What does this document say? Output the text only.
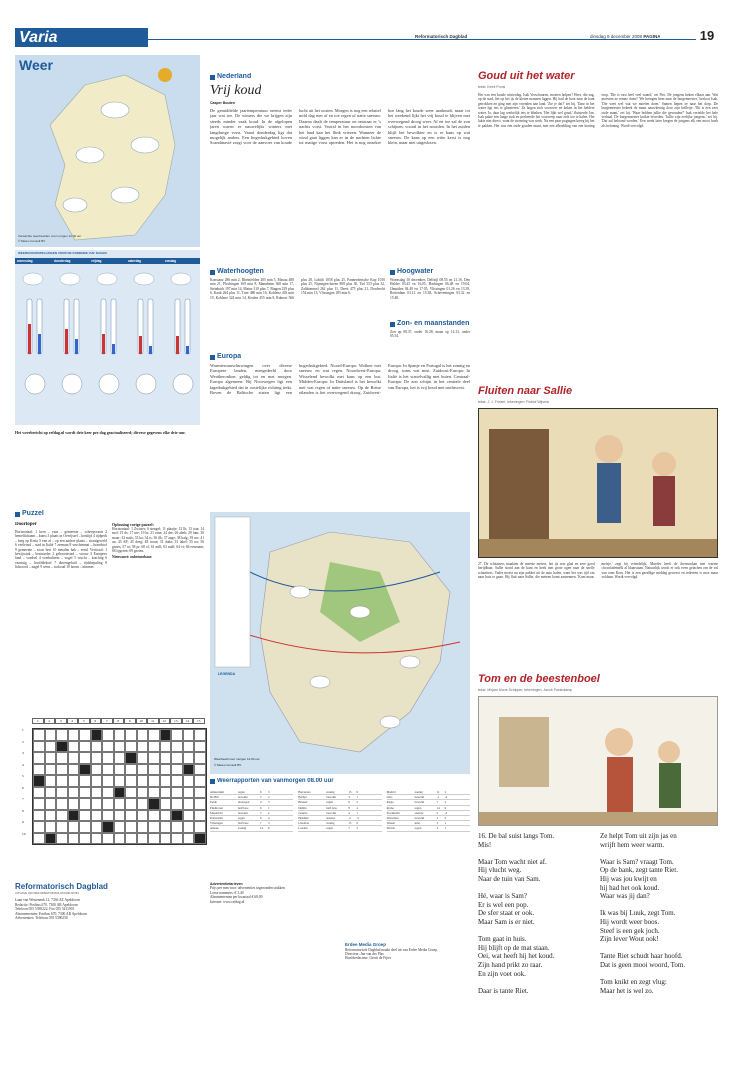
Varia	Reformatorisch Dagblad	dinsdag 9 december 2008 PAGINA	19
Weer
Verwachte weerbeelden voor morgen 12.00 uur
© Meteo Consult BV
WEERSVOORSPELLINGEN VOOR DE KOMENDE VIJF DAGEN
woensdag	donderdag	vrijdag	zaterdag	zondag
Het weerbericht op refdag.nl wordt drie keer per dag geactualiseerd; diverse gegevens elke drie uur.
Nederland
Vrij koud
Casper Bouten
De gemiddelde jaartemperatuur neemt ieder jaar wat toe. De winters die we krijgen zijn steeds minder vaak koud. In de afgelopen jaren waren er nauwelijks winters met langdurige vorst. Vanaf donderdag ligt dat mogelijk anders. Een hogedrukgebied boven Scandinavië zorgt voor de aanvoer van koude lucht uit het oosten. Morgen is nog een relatief mild dag met af en toe regen of natte sneeuw. Daarna daalt de temperatuur en ontstaat er 's nachts vorst. Vooral in het noordoosten van het land kan het flink vriezen. Wanneer de wind gaat liggen kan er in de nachten lichte tot matige vorst optreden. Het is nog onzeker hoe lang het koude weer aanhoudt, maar tot het weekend lijkt het vrij koud te blijven met overwegend droog weer. Af en toe zal de zon schijnen, vooral in het noorden. In het zuiden blijft het bewolkter en is er kans op wat sneeuw. De kans op een witte kerst is nog klein, maar niet uitgesloten.
Waterhoogten
Konstanz 286 min 2, Rheinfelden 205 min 5, Maxau 488 min 21, Plochingen 169 min 8, Mannheim 368 min 17, Steinbach 197 min 14, Mainz 310 plus 7, Bingen 229 plus 6, Kaub 264 plus 11, Trier 480 min 16, Koblenz 403 min 19, Koblenz 324 min 14, Keulen 455 min 8, Ruhrort 566 plus 28, Lobith 1058 plus 25, Pannerdensche Kop 1010 plus 25, Nijmegen-haven 808 plus 30, Tiel 553 plus 32, Zaltbommel 262 plus 11, Deest 475 plus 21, Dordrecht 154 min 13, Vlissingen 185 min 6.
Hoogwater
Woensdag 10 december, Delfzijl 08.55 en 21.16, Den Helder 03.45 en 16.05, Harlingen 06.48 en 19.04, IJmuiden 04.40 en 17.05, Vlissingen 01.26 en 13.39, Rotterdam 03.12 en 15.38, Scheveningen 03.32 en 15.48.
Zon- en maanstanden
Zon op 08.37, onder 16.28; maan op 14.13, onder 05.54.
Europa
Warmtewaarschuwingen over diverse Europese landen, meegedeeld door Weatheronline, geldig tot en met morgen. Europa algemeen: Bij Noorwegen ligt een lagedrukgebied dat in oostelijke richting trekt. Boven de Baltische staten ligt een hogedrukgebied. Noord-Europa: Wolken met sneeuw en wat regen. Noordwest-Europa: Wisselend bewolkt met kans op een bui. Midden-Europa: In Duitsland is het bewolkt met wat regen of natte sneeuw. Op de Britse eilanden is het overwegend droog. Zuidwest-Europa: In Spanje en Portugal is het zonnig en droog, soms wat mist. Zuidoost-Europa: In Italië is het wisselvallig met buien. Centraal-Europa: De zon schijnt in het centrale deel van Europa, het is vrij koud met nachtvorst.
Puzzel
Doorloper
Horizontaal: 1 kern – vaas – gemeente – scheepsvaart 2 hemellichaam – kunst 3 plaats in Overijssel – kosttijd 4 tijdperk – berg op Kreta 5 van af – op een andere plaats – straatgeweld 6 veelvoud – stad in Italië 7 zeeman 8 vruchtennat – brandstof 9 gemeente – soort hert 10 metalen bak – eend. Verticaal: 1 bewijsstuk – bestuurder 2 geboortestad – vrouw 3 Europees land – voedsel 4 voetbalterm – vogel 5 vrucht – krachtig 6 vaartuig – hoofddeksel 7 dierengeluid – tijdsbepaling 8 lidwoord – nagel 9 wens – stokoud 10 boom – nimmer.
Oplossing vorige puzzel:
Horizontaal: 1 Zwitser; 6 stengel; 11 plaatje; 12 lb; 13 tota; 14 mol; 15 ds; 17 ure; 19 bi; 21 orne; 24 dre; 26 aheh; 29 fam; 30 snaar; 32 mals; 33 ka; 34 ts; 36 ilk; 37 aage; 38 halg; 39 uw; 41 au; 43 AP; 45 deeg; 48 troon; 51 dada; 53 lakel; 55 na; 56 gnoes; 57 ui; 58 pr; 60 el; 61 mill; 63 mall; 64 vt; 66 eenzaam; 68 tijgeren; 69 gezien.
Nieuwsnet: onbetuurbaar.
1	2	3	4	5	6	7	8	9	10	11	12	13	14	15
1
2
3
4
5
6
7
8
9
10
LEGENDA
Weerbeeld voor morgen 12.00 uur
© Meteo Consult BV
Weerrapporten van vanmorgen 08.00 uur
Amsterdam	regen	6	3
De Bilt	bewolkt	5	2
Eelde	motregen	4	3
Eindhoven	half bew.	6	1
Maastricht	bewolkt	5	2
Rotterdam	regen	6	4
Vlissingen	half bew.	7	3
Athene	zonnig	14	8
Barcelona	zonnig	13	6
Berlijn	bewolkt	3	1
Brussel	regen	6	2
Dublin	half bew.	8	4
Genève	bewolkt	4	1
Helsinki	sneeuw	-2	-5
Lissabon	zonnig	15	9
Londen	regen	7	3
Madrid	zonnig	11	2
Oslo	bewolkt	-1	-4
Parijs	bewolkt	7	2
Rome	regen	14	9
Stockholm	sneeuw	0	-3
Warschau	bewolkt	2	0
Wenen	mist	3	1
Zürich	regen	4	1
Reformatorisch Dagblad
UITGAVE VAN REFORMATORISCH DAGBLAD BV
Laan van Westenenk 12, 7336 AZ Apeldoorn
Redactie: Postbus 670, 7300 AR Apeldoorn
Telefoon 055 5390222, Fax 055 5411901
Abonnementen: Postbus 670, 7300 AR Apeldoorn
Advertenties: Telefoon 055 5390250
Advertentietarieven
Prijs per mm voor: advertenties ingezonden stukken
Losse nummers: € 1,40
Abonnementen per kwartaal € 68,00
Internet: www.refdag.nl
Erdee Media Groep
Reformatorisch Dagblad maakt deel uit van Erdee Media Groep.
Directeur: Jan van der Plas
Hoofdredacteur: Gerrit de Fijter
Goud uit het water
tekst: Kees Pronk
Het was een koude winterdag. Isak Verschuuren, moeten helpen? Hees, die zag, op de stad, liet op het ijs de kleine mannen liggen. Hij had de boot naar de kant getrokken en ging met zijn vrienden aan land. 'Zie je dat?' zei hij. 'Daar in het water ligt iets te glinsteren.' Ze bogen zich voorover en keken in het heldere water. Ja, daar lag werkelijk iets te blinken. 'Het lijkt wel goud,' fluisterde Jan. Isak pakte een lange stok en probeerde het voorwerp naar zich toe te halen. Het lukte niet direct, want de stroming was sterk. Na een paar pogingen kreeg hij het te pakken. Het was een oude gouden munt, met een afbeelding van een koning erop. 'Die is vast heel veel waard,' zei Piet. De jongens keken elkaar aan. Wat moesten ze ermee doen? 'We brengen hem naar de burgemeester,' besloot Isak. 'Die weet wel wat we moeten doen.' Samen liepen ze naar het dorp. De burgemeester bekeek de munt nauwkeurig door zijn brilletje. 'Dit is een zeer oude munt,' zei hij. 'Waar hebben jullie die gevonden?' Isak vertelde het hele verhaal. De burgemeester knikte tevreden. 'Jullie zijn eerlijke jongens,' zei hij. 'Dat zal beloond worden.' Een week later kregen de jongens elk een mooi boek als beloning. Wordt vervolgd.
Fluiten naar Sallie
tekst: J. J. Frinsel, tekeningen: Roelof Wijsma
27. De schaatsers maakten de meeste meters, het ijs was glad en zeer goed berijdbaar. Sallie stond aan de kant en keek met grote ogen naar de snelle schaatsers. Vader moest nu zijn pakket uit de auto halen, want het was tijd om naar huis te gaan. Hij fluit naar Sallie, die meteen komt aanrennen. 'Kom maar, meisje,' zegt hij vriendelijk. Moeder heeft de thermoskan met warme chocolademelk al klaarstaan. Natuurlijk wordt er ook even gelachen om de val van oom Kees. Het is een gezellige middag geweest en iedereen is moe maar voldaan. Wordt vervolgd.
Tom en de beestenboel
tekst: Mirjam Mone-Schipper, tekeningen: Jacob Pasterkamp
16. De bal suist langs Tom.
Mis!

Maar Tom wacht niet af.
Hij vlucht weg.
Naar de tuin van Sam.

Hé, waar is Sam?
Er is wel een pop.
De sfer staat er ook.
Maar Sam is er niet.

Tom gaat in huis.
Hij blijft op de mat staan.
Oei, wat heeft hij het koud.
Zijn hand prikt zo raar.
En zijn voet ook.

Daar is tante Riet.
Ze helpt Tom uit zijn jas en
wrijft hem weer warm.

Waar is Sam? vraagt Tom.
Op de bank, zegt tante Riet.
Hij was jou kwijt en
hij had het ook koud.
Waar was jij dan?

Ik was bij Luuk, zegt Tom.
Hij wordt weer boos.
Steef is een gek joch.
Zijn lever Wout ook!

Tante Riet schudt haar hoofd.
Dat is geen mooi woord, Tom.

Tom knikt en zegt vlug:
Maar het is wel zo.
